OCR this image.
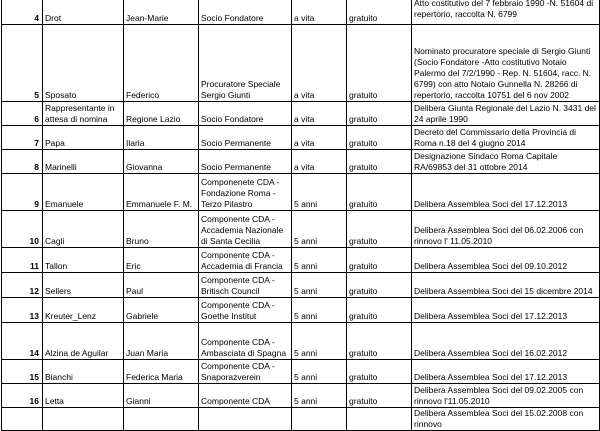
4	Drot	Jean-Marie	Socio Fondatore	a vita	gratuito	Atto costitutivo del 7 febbraio 1990 -N. 51604 di repertorio, raccolta N. 6799
5	Sposato	Federico	Procuratore Speciale Sergio Giunti	a vita	gratuito	Nominato procuratore speciale di Sergio Giunti (Socio Fondatore -Atto costitutivo Notaio Palermo del 7/2/1990 - Rep. N. 51604, racc. N. 6799) con atto Notaio Gunnella N. 28266 di repertorio, raccolta 10751 del 6 nov 2002
6	Rappresentante in attesa di nomina	Regione Lazio	Socio Fondatore	a vita	gratuito	Delibera Giunta Regionale del Lazio N. 3431 del 24 aprile 1990
7	Papa	Ilaria	Socio Permanente	a vita	gratuito	Decreto del Commissario della Provincia di Roma n.18 del 4 giugno 2014
8	Marinelli	Giovanna	Socio Permanente	a vita	gratuito	Designazione Sindaco Roma Capitale RA/69853 del 31 ottobre 2014
9	Emanuele	Emmanuele F. M.	Componenete CDA - Fondazione Roma - Terzo Pilastro	5 anni	gratuito	Delibera Assemblea Soci del 17.12.2013
10	Cagli	Bruno	Componente CDA - Accademia Nazionale di Santa Cecilia	5 anni	gratuito	Delibera Assemblea Soci del 06.02.2006 con rinnovo l' 11.05.2010
11	Tallon	Eric	Componente CDA - Accademia di Francia	5 anni	gratuito	Delibera Assemblea Soci del 09.10.2012
12	Sellers	Paul	Componente CDA - Britisch Council	5 anni	gratuito	Delibera Assemblea Soci del 15 dicembre 2014
13	Kreuter_Lenz	Gabriele	Componente CDA - Goethe Institut	5 anni	gratuito	Delibera Assemblea Soci del 17.12.2013
14	Alzina de Aguilar	Juan Maria	Componente CDA - Ambasciata di Spagna	5 anni	gratuito	Delibera Assemblea Soci del 16.02.2012
15	Bianchi	Federica Maria	Componente CDA - Snaporazverein	5 anni	gratuito	Delibera Assemblea Soci del 17.12.2013
16	Letta	Gianni	Componente CDA	5 anni	gratuito	Delibera Assemblea Soci del 09.02.2005 con rinnovo l'11.05.2010
						Delibera Assemblea Soci del 15.02.2008 con rinnovo
